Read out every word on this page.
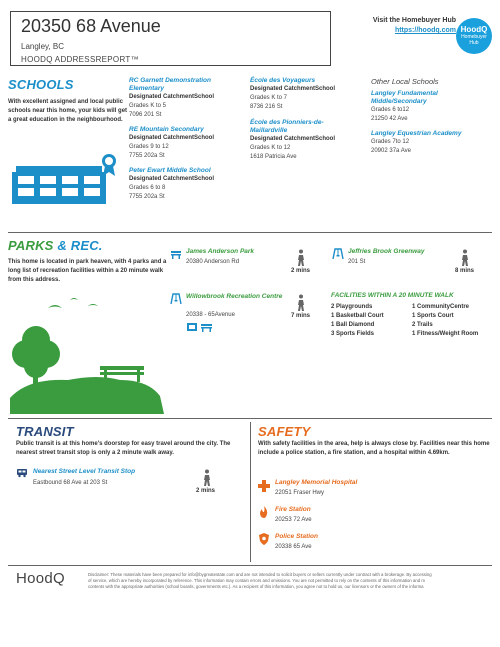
20350 68 Avenue
Langley, BC
HOODQ ADDRESSREPORT™
Visit the Homebuyer Hub
https://hoodq.com HoodQ
Homebuyer Hub
SCHOOLS
With excellent assigned and local public schools near this home, your kids will get a great education in the neighbourhood.
RC Garnett Demonstration Elementary
Designated CatchmentSchool
Grades K to 5
7096 201 St
RE Mountain Secondary
Designated CatchmentSchool
Grades 9 to 12
7755 202a St
Peter Ewart Middle School
Designated CatchmentSchool
Grades 6 to 8
7755 202a St
École des Voyageurs
Designated CatchmentSchool
Grades K to 7
8736 216 St
École des Pionniers-de-Maillardville
Designated CatchmentSchool
Grades K to 12
1618 Patricia Ave
Other Local Schools
Langley Fundamental Middle/Secondary
Grades 6 to12
21250 42 Ave
Langley Equestrian Academy
Grades 7to 12
20902 37a Ave
PARKS & REC.
This home is located in park heaven, with 4 parks and a long list of recreation facilities within a 20 minute walk from this address.
James Anderson Park
20380 Anderson Rd
2 mins
Jeffries Brook Greenway
201 St
8 mins
Willowbrook Recreation Centre
20338 - 65Avenue	7 mins
FACILITIES WITHIN A 20 MINUTE WALK
2 Playgrounds
1 Basketball Court
1 Ball Diamond
3 Sports Fields
1 CommunityCentre
1 Sports Court
2 Trails
1 Fitness/Weight Room
TRANSIT
Public transit is at this home's doorstep for easy travel around the city. The nearest street transit stop is only a 2 minute walk away.
Nearest Street Level Transit Stop
Eastbound 68 Ave at 203 St
2 mins
SAFETY
With safety facilities in the area, help is always close by. Facilities near this home include a police station, a fire station, and a hospital within 4.69km.
Langley Memorial Hospital
22051 Fraser Hwy
Fire Station
20253 72 Ave
Police Station
20338 65 Ave
HoodQ	Disclaimer: These materials have been prepared for info@bygreatestate.com and are not intended to solicit buyers or sellers currently under contract with a brokerage. By accessing
of service, which are hereby incorporated by reference. This information may contain errors and omissions. You are not permitted to rely on the contents of this information and m
contents with the appropriate authorities (school boards, governments etc.). As a recipient of this information, you agree not to hold us, our licensors or the owners of the informa
